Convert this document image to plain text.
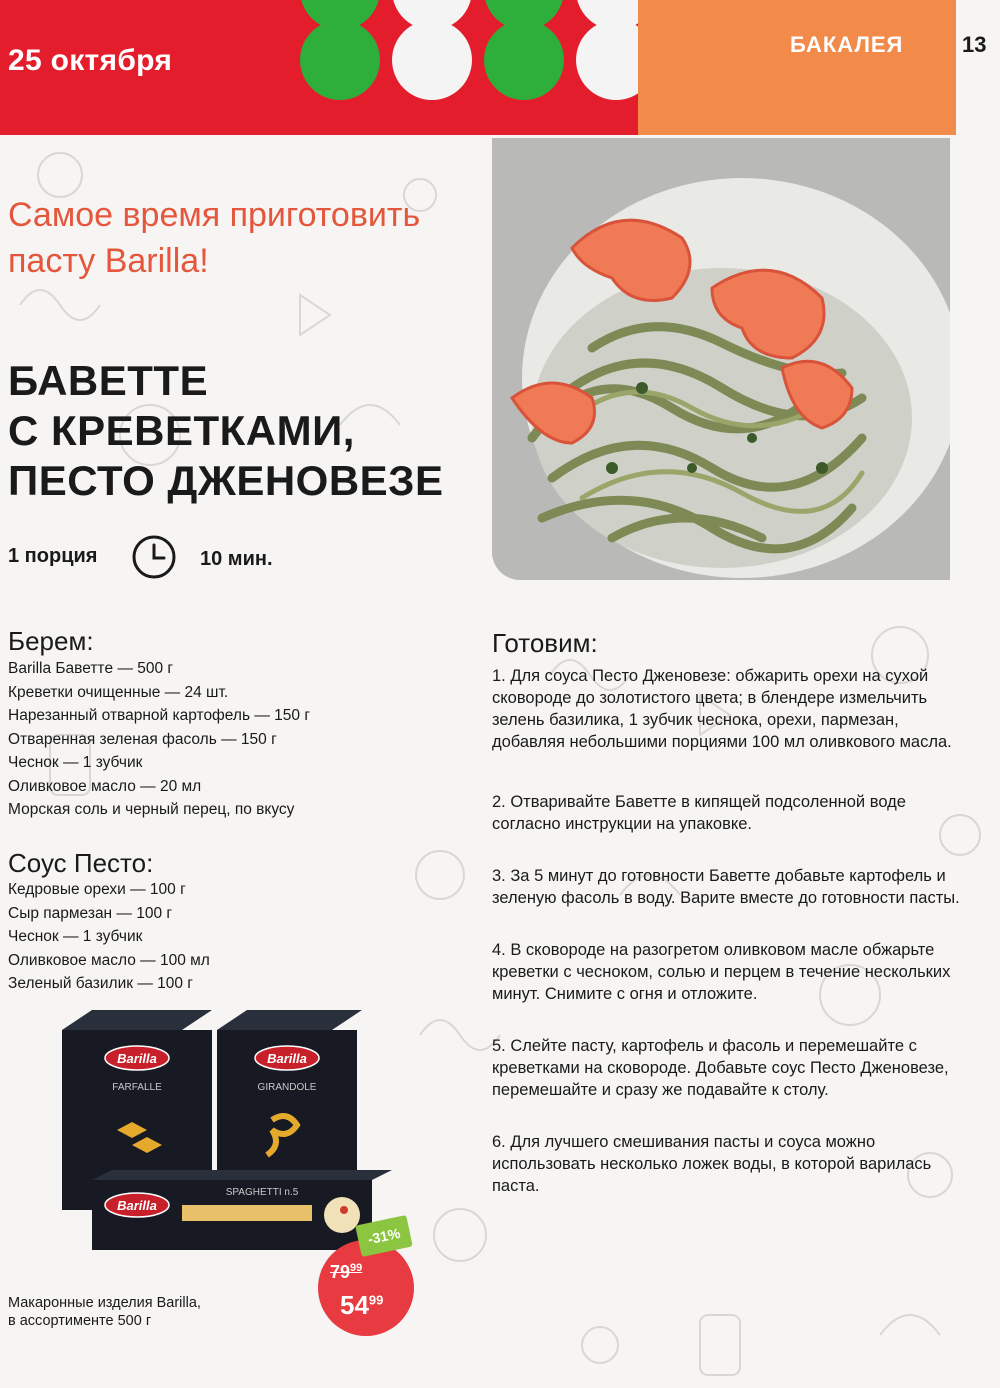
25 октября	БАКАЛЕЯ	13
Самое время приготовить
пасту Barilla!
БАВЕТТE
С КРЕВЕТКАМИ,
ПЕСТО ДЖЕНОВЕЗЕ
1 порция	10 мин.
Берем:
Barilla Баветтe — 500 г
Креветки очищенные — 24 шт.
Нарезанный отварной картофель — 150 г
Отваренная зеленая фасоль — 150 г
Чеснок — 1 зубчик
Оливковое масло — 20 мл
Морская соль и черный перец, по вкусу
Соус Песто:
Кедровые орехи — 100 г
Сыр пармезан — 100 г
Чеснок — 1 зубчик
Оливковое масло — 100 мл
Зеленый базилик — 100 г
Готовим:
1. Для соуса Песто Дженовезе: обжарить орехи на сухой сковороде до золотистого цвета; в блендере измельчить зелень базилика, 1 зубчик чеснока, орехи, пармезан, добавляя небольшими порциями 100 мл оливкового масла.
2. Отваривайте Баветтe в кипящей подсоленной воде согласно инструкции на упаковке.
3. За 5 минут до готовности Баветтe добавьте картофель и зеленую фасоль в воду. Варите вместе до готовности пасты.
4. В сковороде на разогретом оливковом масле обжарьте креветки с чесноком, солью и перцем в течение нескольких минут. Снимите с огня и отложите.
5. Слейте пасту, картофель и фасоль и перемешайте с креветками на сковороде. Добавьте соус Песто Дженовезе, перемешайте и сразу же подавайте к столу.
6. Для лучшего смешивания пасты и соуса можно использовать несколько ложек воды, в которой варилась паста.
Barilla
FARFALLE
Barilla
GIRANDOLE
Barilla
SPAGHETTI n.5
Макаронные изделия Barilla,
в ассортименте 500 г
-31%
$79^{99}$
$54^{99}$
